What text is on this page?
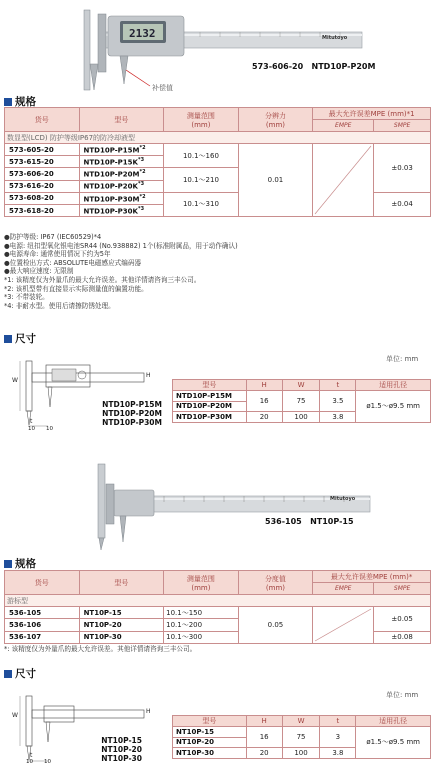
2132	Mitutoyo
补偿值
573-606-20   NTD10P-P20M
规格
货号	型号	测量范围
(mm)	分辨力
(mm)	最大允许误差MPE (mm)*1	
				EMPE	SMPE
数显型(LCD) 防护等级IP67的防冷却液型					
573-605-20	NTD10P-P15M$^{*2}$	10.1～160	0.01		±0.03
573-615-20	NTD10P-P15K$^{*3}$
573-606-20	NTD10P-P20M$^{*2}$	10.1～210			
573-616-20	NTD10P-P20K$^{*3}$
573-608-20	NTD10P-P30M$^{*2}$	10.1～310			±0.04
573-618-20	NTD10P-P30K$^{*3}$
●防护等级: IP67 (IEC60529)*4
●电源: 纽扣型氧化银电池SR44 (No.938882) 1个(标准附属品，用于动作确认)
●电源寿命: 通常使用情况下约为5年
●位置检出方式: ABSOLUTE电磁感应式编码器
●最大响应速度: 无限制
*1: 该精度仅为外量爪的最大允许误差。其他详情请咨询三丰公司。
*2: 该机型带有直接显示实际测量值的偏置功能。
*3: 不带装轮。
*4: 非耐水型。使用后请擦防锈处理。
尺寸
单位: mm
W
H
t
10 10
NTD10P-P15M
NTD10P-P20M
NTD10P-P30M
型号	H	W	t	适用孔径
NTD10P-P15M	16	75	3.5	ø1.5～ø9.5 mm
NTD10P-P20M				
NTD10P-P30M	20	100	3.8	
Mitutoyo
536-105   NT10P-15
规格
货号	型号	测量范围
(mm)	分度值
(mm)	最大允许误差MPE (mm)*	
				EMPE	SMPE
游标型					
536-105	NT10P-15	10.1～150	0.05		±0.05
536-106	NT10P-20	10.1～200			
536-107	NT10P-30	10.1～300			±0.08
*: 该精度仅为外量爪的最大允许误差。其他详情请咨询三丰公司。
尺寸
单位: mm
W
H
t
10 10
NT10P-15
NT10P-20
NT10P-30
型号	H	W	t	适用孔径
NT10P-15	16	75	3	ø1.5～ø9.5 mm
NT10P-20				
NT10P-30	20	100	3.8	
